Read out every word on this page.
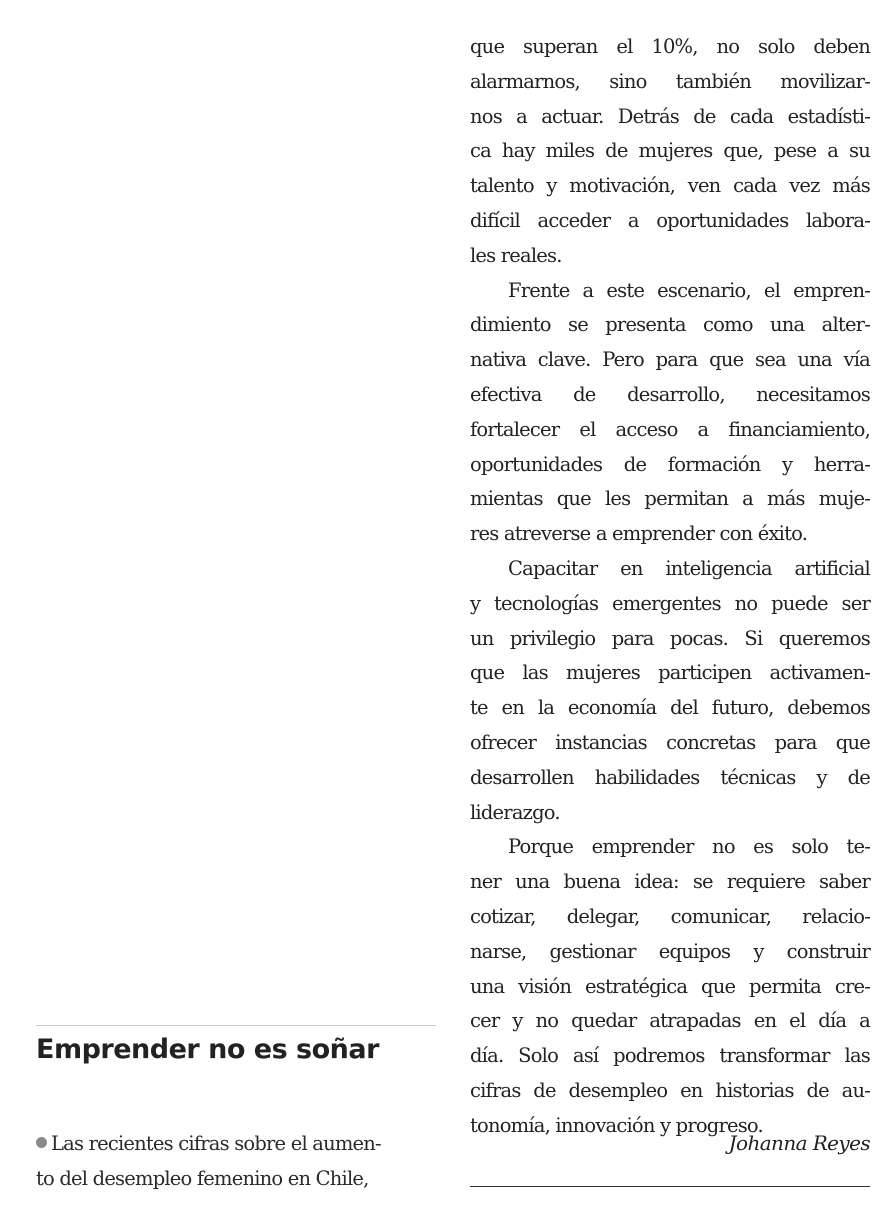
Emprender no es soñar

Las recientes cifras sobre el aumen-
to del desempleo femenino en Chile,

que superan el 10%, no solo deben
alarmarnos, sino también movilizar-
nos a actuar. Detrás de cada estadísti-
ca hay miles de mujeres que, pese a su
talento y motivación, ven cada vez más
difícil acceder a oportunidades labora-
les reales.

Frente a este escenario, el empren-
dimiento se presenta como una alter-
nativa clave. Pero para que sea una vía
efectiva de desarrollo, necesitamos
fortalecer el acceso a financiamiento,
oportunidades de formación y herra-
mientas que les permitan a más muje-
res atreverse a emprender con éxito.

Capacitar en inteligencia artificial
y tecnologías emergentes no puede ser
un privilegio para pocas. Si queremos
que las mujeres participen activamen-
te en la economía del futuro, debemos
ofrecer instancias concretas para que
desarrollen habilidades técnicas y de
liderazgo.

Porque emprender no es solo te-
ner una buena idea: se requiere saber
cotizar, delegar, comunicar, relacio-
narse, gestionar equipos y construir
una visión estratégica que permita cre-
cer y no quedar atrapadas en el día a
día. Solo así podremos transformar las
cifras de desempleo en historias de au-
tonomía, innovación y progreso.

Johanna Reyes
